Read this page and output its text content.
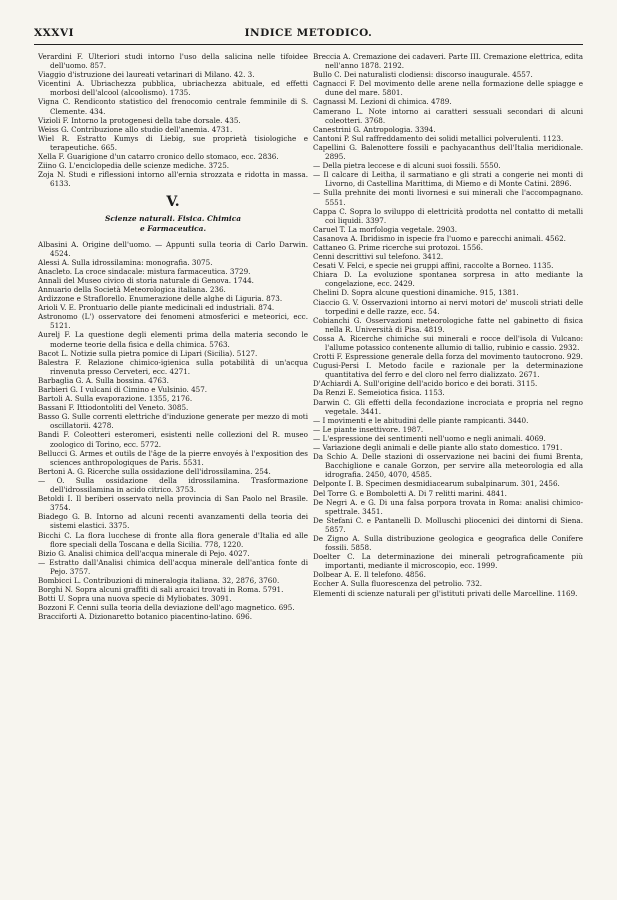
XXXVI	INDICE METODICO.

Verardini F. Ulteriori studi intorno l'uso della salicina nelle tifoidee dell'uomo. 857.

Viaggio d'istruzione dei laureati vetarinari di Milano. 42. 3.

Vicentini A. Ubriachezza pubblica, ubriachezza abituale, ed effetti morbosi dell'alcool (alcoolismo). 1735.

Vigna C. Rendiconto statistico del frenocomio centrale femminile di S. Clemente. 434.

Vizioli F. Intorno la protogenesi della tabe dorsale. 435.

Weiss G. Contribuzione allo studio dell'anemia. 4731.

Wiel R. Estratto Kumys di Liebig, sue proprietà tisiologiche e terapeutiche. 665.

Xella F. Guarigione d'un catarro cronico dello stomaco, ecc. 2836.

Ziino G. L'enciclopedia delle scienze mediche. 3725.

Zoja N. Studi e riflessioni intorno all'ernia strozzata e ridotta in massa. 6133.

V.
Scienze naturali. Fisica. Chimica
e Farmaceutica.

Albasini A. Origine dell'uomo. — Appunti sulla teoria di Carlo Darwin. 4524.

Alessi A. Sulla idrossilamina: monografia. 3075.

Anacleto. La croce sindacale: mistura farmaceutica. 3729.

Annali del Museo civico di storia naturale di Genova. 1744.

Annuario della Società Meteorologica italiana. 236.

Ardizzone e Straflorello. Enumerazione delle alghe di Liguria. 873.

Arioli V. E. Prontuario delle piante medicinali ed industriali. 874.

Astronomo (L') osservatore dei fenomeni atmosferici e meteorici, ecc. 5121.

Aurelj F. La questione degli elementi prima della materia secondo le moderne teorie della fisica e della chimica. 5763.

Bacot L. Notizie sulla pietra pomice di Lipari (Sicilia). 5127.

Balestra F. Relazione chimico-igienica sulla potabilità di un'acqua rinvenuta presso Cerveteri, ecc. 4271.

Barbaglia G. A. Sulla bossina. 4763.

Barbieri G. I vulcani di Cimino e Vulsinio. 457.

Bartoli A. Sulla evaporazione. 1355, 2176.

Bassani F. Ittiodontoliti del Veneto. 3085.

Basso G. Sulle correnti elettriche d'induzione generate per mezzo di moti oscillatorii. 4278.

Bandi F. Coleotteri esteromeri, esistenti nelle collezioni del R. museo zoologico di Torino, ecc. 5772.

Bellucci G. Armes et outils de l'âge de la pierre envoyés à l'exposition des sciences anthropologiques de Paris. 5531.

Bertoni A. G. Ricerche sulla ossidazione dell'idrossilamina. 254.

— O. Sulla ossidazione della idrossilamina. Trasformazione dell'idrossilamina in acido citrico. 3753.

Betoldi I. Il beriberi osservato nella provincia di San Paolo nel Brasile. 3754.

Biadego G. B. Intorno ad alcuni recenti avanzamenti della teoria dei sistemi elastici. 3375.

Bicchi C. La flora lucchese di fronte alla flora generale d'Italia ed alle flore speciali della Toscana e della Sicilia. 778, 1220.

Bizio G. Analisi chimica dell'acqua minerale di Pejo. 4027.

— Estratto dall'Analisi chimica dell'acqua minerale dell'antica fonte di Pejo. 3757.

Bombicci L. Contribuzioni di mineralogia italiana. 32, 2876, 3760.

Borghi N. Sopra alcuni graffiti di sali arcaici trovati in Roma. 5791.

Botti U. Sopra una nuova specie di Myliobates. 3091.

Bozzoni F. Cenni sulla teoria della deviazione dell'ago magnetico. 695.

Bracciforti A. Dizionaretto botanico piacentino-latino. 696.

Breccia A. Cremazione dei cadaveri. Parte III. Cremazione elettrica, edita nell'anno 1878. 2192.

Bullo C. Dei naturalisti clodiensi: discorso inaugurale. 4557.

Cagnacci F. Del movimento delle arene nella formazione delle spiagge e dune del mare. 5801.

Cagnassi M. Lezioni di chimica. 4789.

Camerano L. Note intorno ai caratteri sessuali secondari di alcuni coleotteri. 3768.

Canestrini G. Antropologia. 3394.

Cantoni P. Sul raffreddamento dei solidi metallici polverulenti. 1123.

Capellini G. Balenottere fossili e pachyacanthus dell'Italia meridionale. 2895.

— Della pietra leccese e di alcuni suoi fossili. 5550.

— Il calcare di Leitha, il sarmatiano e gli strati a congerie nei monti di Livorno, di Castellina Marittima, di Miemo e di Monte Catini. 2896.

— Sulla prehnite dei monti livornesi e sui minerali che l'accompagnano. 5551.

Cappa C. Sopra lo sviluppo di elettricità prodotta nel contatto di metalli coi liquidi. 3397.

Caruel T. La morfologia vegetale. 2903.

Casanova A. Ibridismo in ispecie fra l'uomo e parecchi animali. 4562.

Cattaneo G. Prime ricerche sui protozoi. 1556.

Cenni descrittivi sul telefono. 3412.

Cesati V. Felci, e specie nei gruppi affini, raccolte a Borneo. 1135.

Chiara D. La evoluzione spontanea sorpresa in atto mediante la congelazione, ecc. 2429.

Chelini D. Sopra alcune questioni dinamiche. 915, 1381.

Ciaccio G. V. Osservazioni intorno ai nervi motori de' muscoli striati delle torpedini e delle razze, ecc. 54.

Cobianchi G. Osservazioni meteorologiche fatte nel gabinetto di fisica nella R. Università di Pisa. 4819.

Cossa A. Ricerche chimiche sui minerali e rocce dell'isola di Vulcano: l'allume potassico contenente allumio di tallio, rubinio e cassio. 2932.

Crotti F. Espressione generale della forza del movimento tautocrono. 929.

Cugusi-Persi I. Metodo facile e razionale per la determinazione quantitativa del ferro e del cloro nel ferro dializzato. 2671.

D'Achiardi A. Sull'origine dell'acido borico e dei borati. 3115.

Da Renzi E. Semeiotica fisica. 1153.

Darwin C. Gli effetti della fecondazione incrociata e propria nel regno vegetale. 3441.

— I movimenti e le abitudini delle piante rampicanti. 3440.

— Le piante insettivore. 1987.

— L'espressione dei sentimenti nell'uomo e negli animali. 4069.

— Variazione degli animali e delle piante allo stato domestico. 1791.

Da Schio A. Delle stazioni di osservazione nei bacini dei fiumi Brenta, Bacchiglione e canale Gorzon, per servire alla meteorologia ed alla idrografia. 2450, 4070, 4585.

Delponte I. B. Specimen desmidiacearum subalpinarum. 301, 2456.

Del Torre G. e Bomboletti A. Di 7 relitti marini. 4841.

De Negri A. e G. Di una falsa porpora trovata in Roma: analisi chimico-spettrale. 3451.

De Stefani C. e Pantanelli D. Molluschi pliocenici dei dintorni di Siena. 5857.

De Zigno A. Sulla distribuzione geologica e geografica delle Conifere fossili. 5858.

Doelter C. La determinazione dei minerali petrograficamente più importanti, mediante il microscopio, ecc. 1999.

Dolbear A. E. Il telefono. 4856.

Eccher A. Sulla fluorescenza del petrolio. 732.

Elementi di scienze naturali per gl'istituti privati delle Marcelline. 1169.
